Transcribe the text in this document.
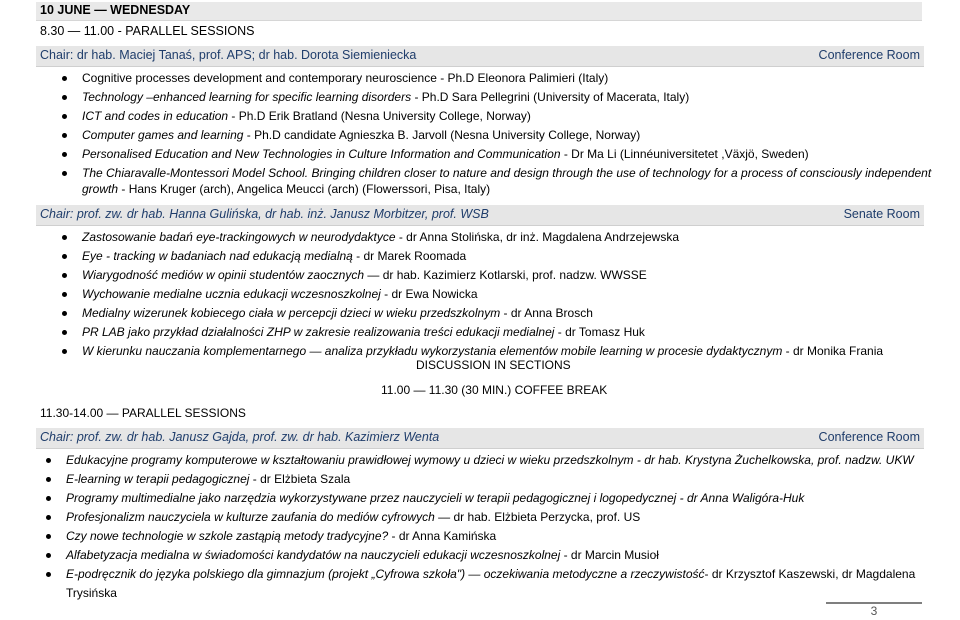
10 JUNE — WEDNESDAY
8.30 — 11.00 - PARALLEL SESSIONS
Chair: dr hab. Maciej Tanaś, prof. APS; dr hab. Dorota Siemieniecka	Conference Room
Cognitive processes development and contemporary neuroscience - Ph.D Eleonora Palimieri (Italy)
Technology –enhanced learning for specific learning disorders - Ph.D Sara Pellegrini (University of Macerata, Italy)
ICT and codes in education - Ph.D Erik Bratland (Nesna University College, Norway)
Computer games and learning - Ph.D candidate Agnieszka B. Jarvoll (Nesna University College, Norway)
Personalised Education and New Technologies in Culture Information and Communication - Dr Ma Li (Linnéuniversitetet ,Växjö, Sweden)
The Chiaravalle-Montessori Model School. Bringing children closer to nature and design through the use of technology for a process of consciously independent
growth - Hans Kruger (arch), Angelica Meucci (arch) (Flowerssori, Pisa, Italy)
Chair: prof. zw. dr hab. Hanna Gulińska, dr hab. inż. Janusz Morbitzer, prof. WSB	Senate Room
Zastosowanie badań eye-trackingowych w neurodydaktyce - dr Anna Stolińska, dr inż. Magdalena Andrzejewska
Eye - tracking w badaniach nad edukacją medialną - dr Marek Roomada
Wiarygodność mediów w opinii studentów zaocznych — dr hab. Kazimierz Kotlarski, prof. nadzw. WWSSE
Wychowanie medialne ucznia edukacji wczesnoszkolnej - dr Ewa Nowicka
Medialny wizerunek kobiecego ciała w percepcji dzieci w wieku przedszkolnym - dr Anna Brosch
PR LAB jako przykład działalności ZHP w zakresie realizowania treści edukacji medialnej - dr Tomasz Huk
W kierunku nauczania komplementarnego — analiza przykładu wykorzystania elementów mobile learning w procesie dydaktycznym - dr Monika Frania
DISCUSSION IN SECTIONS
11.00 — 11.30 (30 MIN.) COFFEE BREAK
11.30-14.00 — PARALLEL SESSIONS
Chair: prof. zw. dr hab. Janusz Gajda, prof. zw. dr hab. Kazimierz Wenta	Conference Room
Edukacyjne programy komputerowe w kształtowaniu prawidłowej wymowy u dzieci w wieku przedszkolnym - dr hab. Krystyna Żuchelkowska, prof. nadzw. UKW
E-learning w terapii pedagogicznej - dr Elżbieta Szala
Programy multimedialne jako narzędzia wykorzystywane przez nauczycieli w terapii pedagogicznej i logopedycznej - dr Anna Waligóra-Huk
Profesjonalizm nauczyciela w kulturze zaufania do mediów cyfrowych — dr hab. Elżbieta Perzycka, prof. US
Czy nowe technologie w szkole zastąpią metody tradycyjne? - dr Anna Kamińska
Alfabetyzacja medialna w świadomości kandydatów na nauczycieli edukacji wczesnoszkolnej - dr Marcin Musioł
E-podręcznik do języka polskiego dla gimnazjum (projekt „Cyfrowa szkoła") — oczekiwania metodyczne a rzeczywistość- dr Krzysztof Kaszewski, dr Magdalena Trysińska
3
